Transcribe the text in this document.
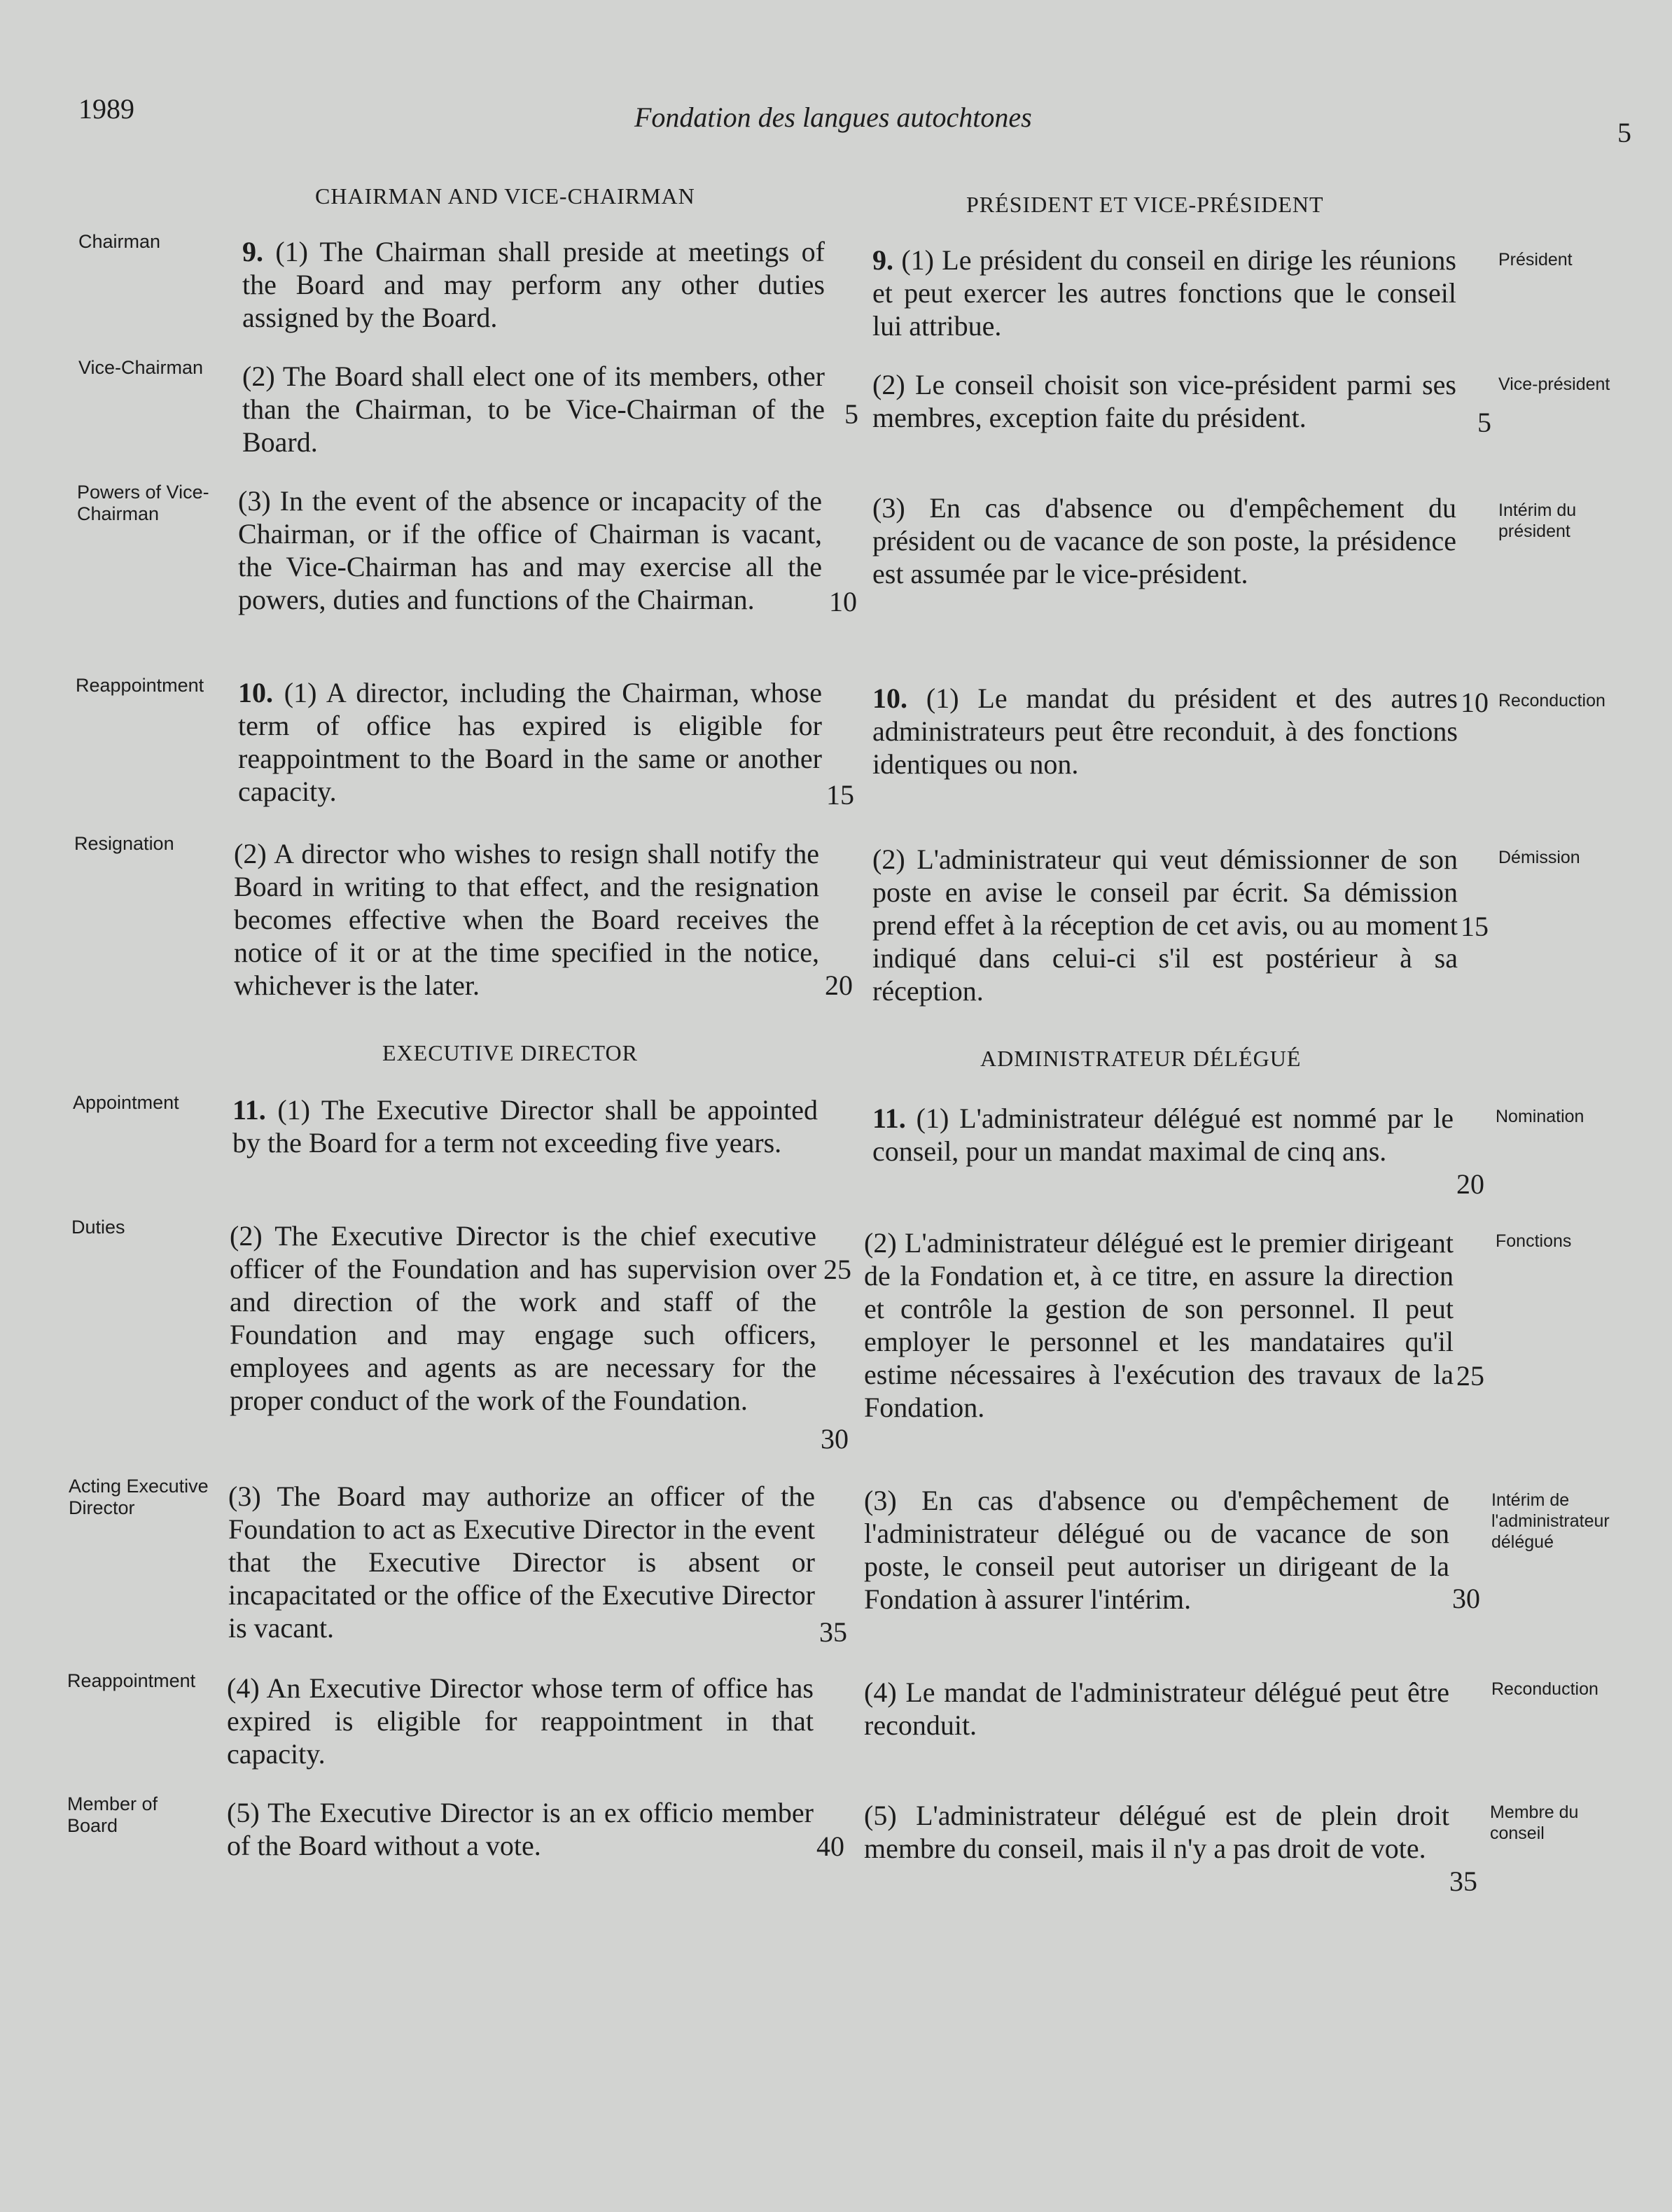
1989	Fondation des langues autochtones	5
CHAIRMAN AND VICE-CHAIRMAN
EXECUTIVE DIRECTOR
PRÉSIDENT ET VICE-PRÉSIDENT
ADMINISTRATEUR DÉLÉGUÉ
Chairman
Vice-Chairman
Powers of Vice-Chairman
Reappointment
Resignation
Appointment
Duties
Acting Executive Director
Reappointment
Member of Board
9. (1) The Chairman shall preside at meetings of the Board and may perform any other duties assigned by the Board.
(2) The Board shall elect one of its members, other than the Chairman, to be Vice-Chairman of the Board.
(3) In the event of the absence or incapacity of the Chairman, or if the office of Chairman is vacant, the Vice-Chairman has and may exercise all the powers, duties and functions of the Chairman.
10. (1) A director, including the Chairman, whose term of office has expired is eligible for reappointment to the Board in the same or another capacity.
(2) A director who wishes to resign shall notify the Board in writing to that effect, and the resignation becomes effective when the Board receives the notice of it or at the time specified in the notice, whichever is the later.
11. (1) The Executive Director shall be appointed by the Board for a term not exceeding five years.
(2) The Executive Director is the chief executive officer of the Foundation and has supervision over and direction of the work and staff of the Foundation and may engage such officers, employees and agents as are necessary for the proper conduct of the work of the Foundation.
(3) The Board may authorize an officer of the Foundation to act as Executive Director in the event that the Executive Director is absent or incapacitated or the office of the Executive Director is vacant.
(4) An Executive Director whose term of office has expired is eligible for reappointment in that capacity.
(5) The Executive Director is an ex officio member of the Board without a vote.
5
10
15
20
25
30
35
40
9. (1) Le président du conseil en dirige les réunions et peut exercer les autres fonctions que le conseil lui attribue.
(2) Le conseil choisit son vice-président parmi ses membres, exception faite du président.
(3) En cas d'absence ou d'empêchement du président ou de vacance de son poste, la présidence est assumée par le vice-président.
10. (1) Le mandat du président et des autres administrateurs peut être reconduit, à des fonctions identiques ou non.
(2) L'administrateur qui veut démissionner de son poste en avise le conseil par écrit. Sa démission prend effet à la réception de cet avis, ou au moment indiqué dans celui-ci s'il est postérieur à sa réception.
11. (1) L'administrateur délégué est nommé par le conseil, pour un mandat maximal de cinq ans.
(2) L'administrateur délégué est le premier dirigeant de la Fondation et, à ce titre, en assure la direction et contrôle la gestion de son personnel. Il peut employer le personnel et les mandataires qu'il estime nécessaires à l'exécution des travaux de la Fondation.
(3) En cas d'absence ou d'empêchement de l'administrateur délégué ou de vacance de son poste, le conseil peut autoriser un dirigeant de la Fondation à assurer l'intérim.
(4) Le mandat de l'administrateur délégué peut être reconduit.
(5) L'administrateur délégué est de plein droit membre du conseil, mais il n'y a pas droit de vote.
5
10
15
20
25
30
35
Président
Vice-président
Intérim du président
Reconduction
Démission
Nomination
Fonctions
Intérim de l'administrateur délégué
Reconduction
Membre du conseil
